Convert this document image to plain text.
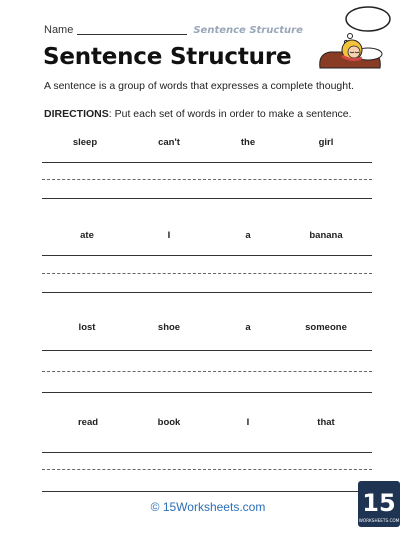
Name	Sentence Structure
Sentence Structure
A sentence is a group of words that expresses a complete thought.
DIRECTIONS: Put each set of words in order to make a sentence.
sleep	can't	the	girl
ate	I	a	banana
lost	shoe	a	someone
read	book	I	that
© 15Worksheets.com	15
WORKSHEETS.COM
